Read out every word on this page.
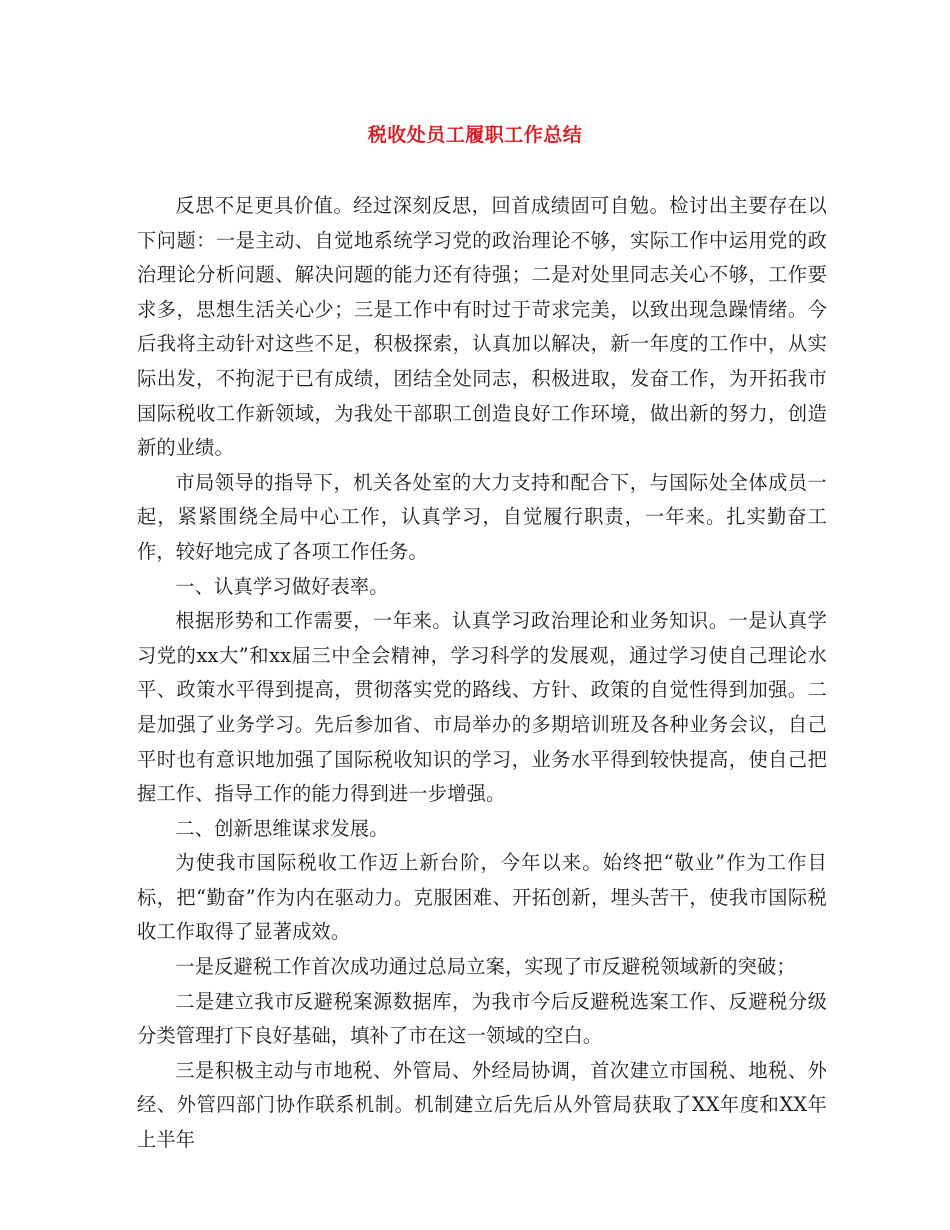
税收处员工履职工作总结

反思不足更具价值。经过深刻反思，回首成绩固可自勉。检讨出主要存在以下问题：一是主动、自觉地系统学习党的政治理论不够，实际工作中运用党的政治理论分析问题、解决问题的能力还有待强；二是对处里同志关心不够，工作要求多，思想生活关心少；三是工作中有时过于苛求完美，以致出现急躁情绪。今后我将主动针对这些不足，积极探索，认真加以解决，新一年度的工作中，从实际出发，不拘泥于已有成绩，团结全处同志，积极进取，发奋工作，为开拓我市国际税收工作新领域，为我处干部职工创造良好工作环境，做出新的努力，创造新的业绩。

市局领导的指导下，机关各处室的大力支持和配合下，与国际处全体成员一起，紧紧围绕全局中心工作，认真学习，自觉履行职责，一年来。扎实勤奋工作，较好地完成了各项工作任务。

一、认真学习做好表率。

根据形势和工作需要，一年来。认真学习政治理论和业务知识。一是认真学习党的xx大”和xx届三中全会精神，学习科学的发展观，通过学习使自己理论水平、政策水平得到提高，贯彻落实党的路线、方针、政策的自觉性得到加强。二是加强了业务学习。先后参加省、市局举办的多期培训班及各种业务会议，自己平时也有意识地加强了国际税收知识的学习，业务水平得到较快提高，使自己把握工作、指导工作的能力得到进一步增强。

二、创新思维谋求发展。

为使我市国际税收工作迈上新台阶，今年以来。始终把“敬业”作为工作目标，把“勤奋”作为内在驱动力。克服困难、开拓创新，埋头苦干，使我市国际税收工作取得了显著成效。

一是反避税工作首次成功通过总局立案，实现了市反避税领域新的突破；

二是建立我市反避税案源数据库，为我市今后反避税选案工作、反避税分级分类管理打下良好基础，填补了市在这一领域的空白。

三是积极主动与市地税、外管局、外经局协调，首次建立市国税、地税、外经、外管四部门协作联系机制。机制建立后先后从外管局获取了XX年度和XX年上半年
